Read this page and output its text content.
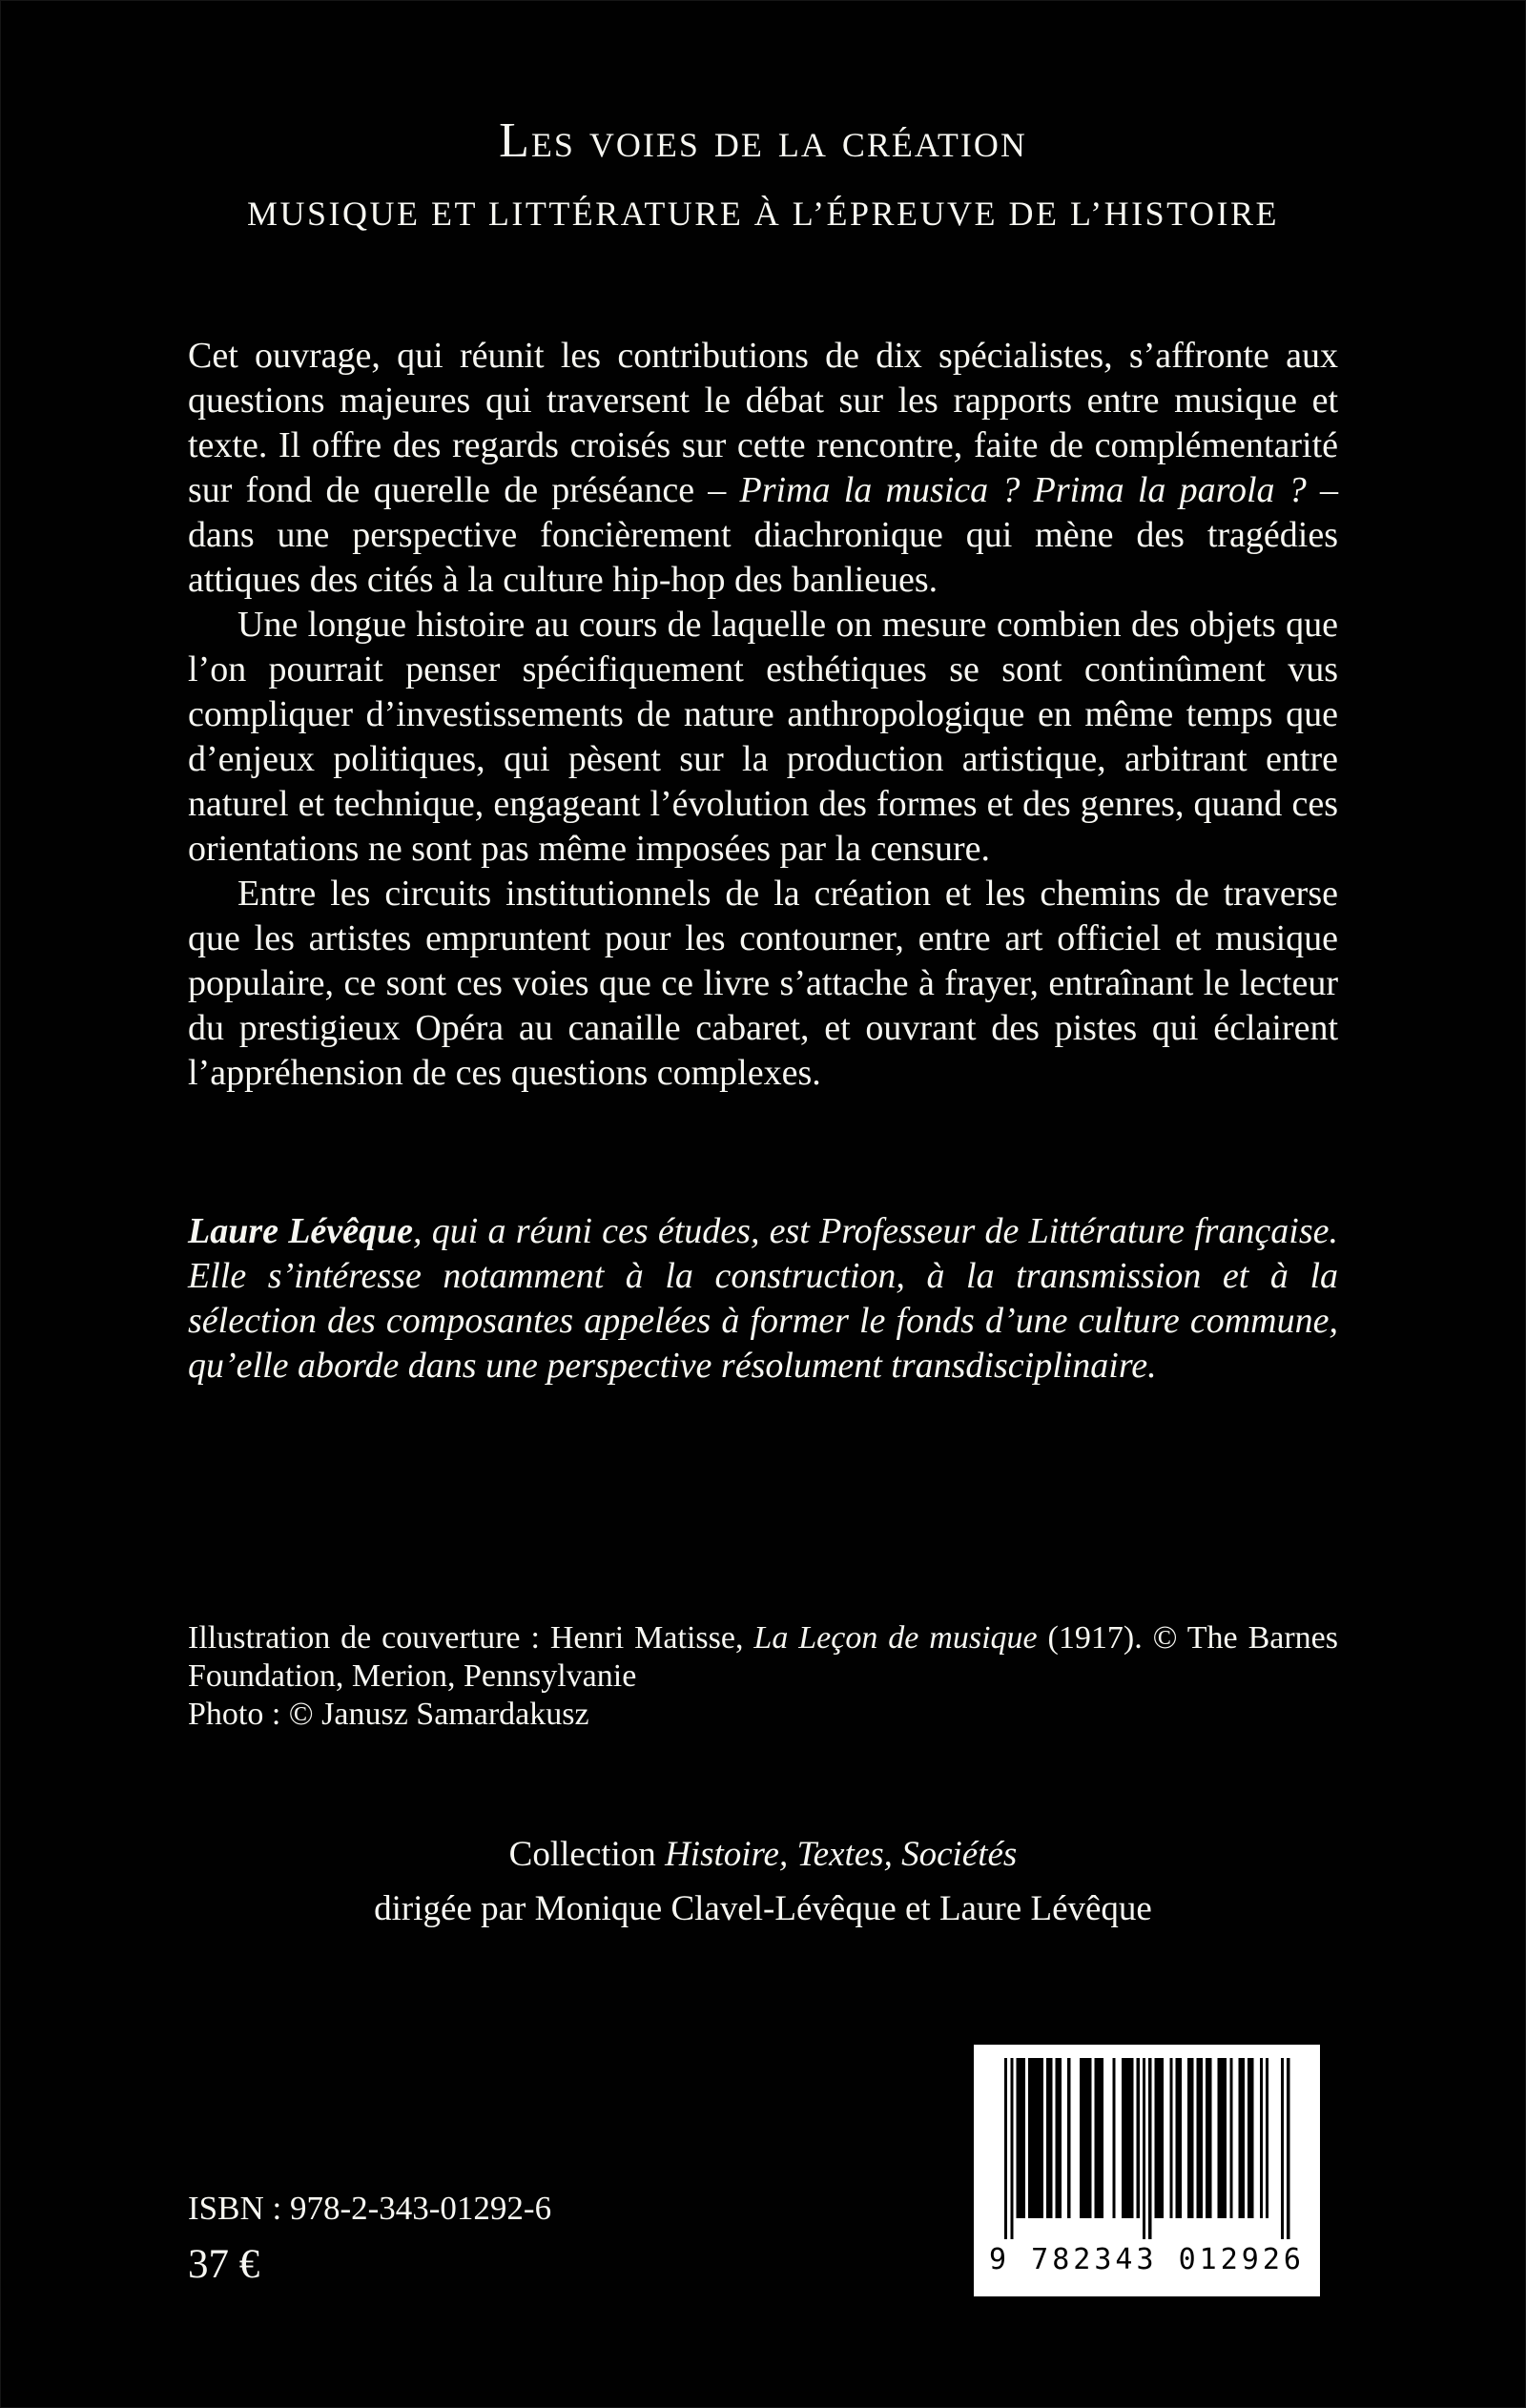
Les voies de la création
MUSIQUE ET LITTÉRATURE À L’ÉPREUVE DE L’HISTOIRE

Cet ouvrage, qui réunit les contributions de dix spécialistes, s’affronte aux questions majeures qui traversent le débat sur les rapports entre musique et texte. Il offre des regards croisés sur cette rencontre, faite de complémentarité sur fond de querelle de préséance – Prima la musica ? Prima la parola ? – dans une perspective foncièrement diachronique qui mène des tragédies attiques des cités à la culture hip-hop des banlieues.

Une longue histoire au cours de laquelle on mesure combien des objets que l’on pourrait penser spécifiquement esthétiques se sont continûment vus compliquer d’investissements de nature anthropologique en même temps que d’enjeux politiques, qui pèsent sur la production artistique, arbitrant entre naturel et technique, engageant l’évolution des formes et des genres, quand ces orientations ne sont pas même imposées par la censure.

Entre les circuits institutionnels de la création et les chemins de traverse que les artistes empruntent pour les contourner, entre art officiel et musique populaire, ce sont ces voies que ce livre s’attache à frayer, entraînant le lecteur du prestigieux Opéra au canaille cabaret, et ouvrant des pistes qui éclairent l’appréhension de ces questions complexes.

Laure Lévêque, qui a réuni ces études, est Professeur de Littérature française. Elle s’intéresse notamment à la construction, à la transmission et à la sélection des composantes appelées à former le fonds d’une culture commune, qu’elle aborde dans une perspective résolument transdisciplinaire.

Illustration de couverture : Henri Matisse, La Leçon de musique (1917). © The Barnes Foundation, Merion, Pennsylvanie

Photo : © Janusz Samardakusz

Collection Histoire, Textes, Sociétés

dirigée par Monique Clavel-Lévêque et Laure Lévêque

ISBN : 978-2-343-01292-6
37 €	9 782343 012926
